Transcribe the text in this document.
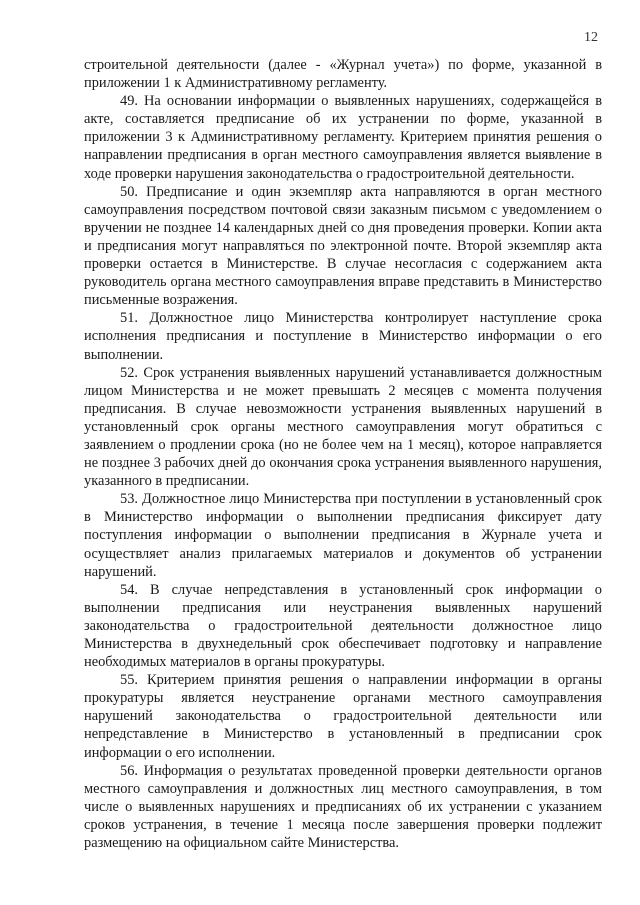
12

строительной деятельности (далее - «Журнал учета») по форме, указанной в приложении 1 к Административному регламенту.

49. На основании информации о выявленных нарушениях, содержащейся в акте, составляется предписание об их устранении по форме, указанной в приложении 3 к Административному регламенту. Критерием принятия решения о направлении предписания в орган местного самоуправления является выявление в ходе проверки нарушения законодательства о градостроительной деятельности.

50. Предписание и один экземпляр акта направляются в орган местного самоуправления посредством почтовой связи заказным письмом с уведомлением о вручении не позднее 14 календарных дней со дня проведения проверки. Копии акта и предписания могут направляться по электронной почте. Второй экземпляр акта проверки остается в Министерстве. В случае несогласия с содержанием акта руководитель органа местного самоуправления вправе представить в Министерство письменные возражения.

51. Должностное лицо Министерства контролирует наступление срока исполнения предписания и поступление в Министерство информации о его выполнении.

52. Срок устранения выявленных нарушений устанавливается должностным лицом Министерства и не может превышать 2 месяцев с момента получения предписания. В случае невозможности устранения выявленных нарушений в установленный срок органы местного самоуправления могут обратиться с заявлением о продлении срока (но не более чем на 1 месяц), которое направляется не позднее 3 рабочих дней до окончания срока устранения выявленного нарушения, указанного в предписании.

53. Должностное лицо Министерства при поступлении в установленный срок в Министерство информации о выполнении предписания фиксирует дату поступления информации о выполнении предписания в Журнале учета и осуществляет анализ прилагаемых материалов и документов об устранении нарушений.

54. В случае непредставления в установленный срок информации о выполнении предписания или неустранения выявленных нарушений законодательства о градостроительной деятельности должностное лицо Министерства в двухнедельный срок обеспечивает подготовку и направление необходимых материалов в органы прокуратуры.

55. Критерием принятия решения о направлении информации в органы прокуратуры является неустранение органами местного самоуправления нарушений законодательства о градостроительной деятельности или непредставление в Министерство в установленный в предписании срок информации о его исполнении.

56. Информация о результатах проведенной проверки деятельности органов местного самоуправления и должностных лиц местного самоуправления, в том числе о выявленных нарушениях и предписаниях об их устранении с указанием сроков устранения, в течение 1 месяца после завершения проверки подлежит размещению на официальном сайте Министерства.
